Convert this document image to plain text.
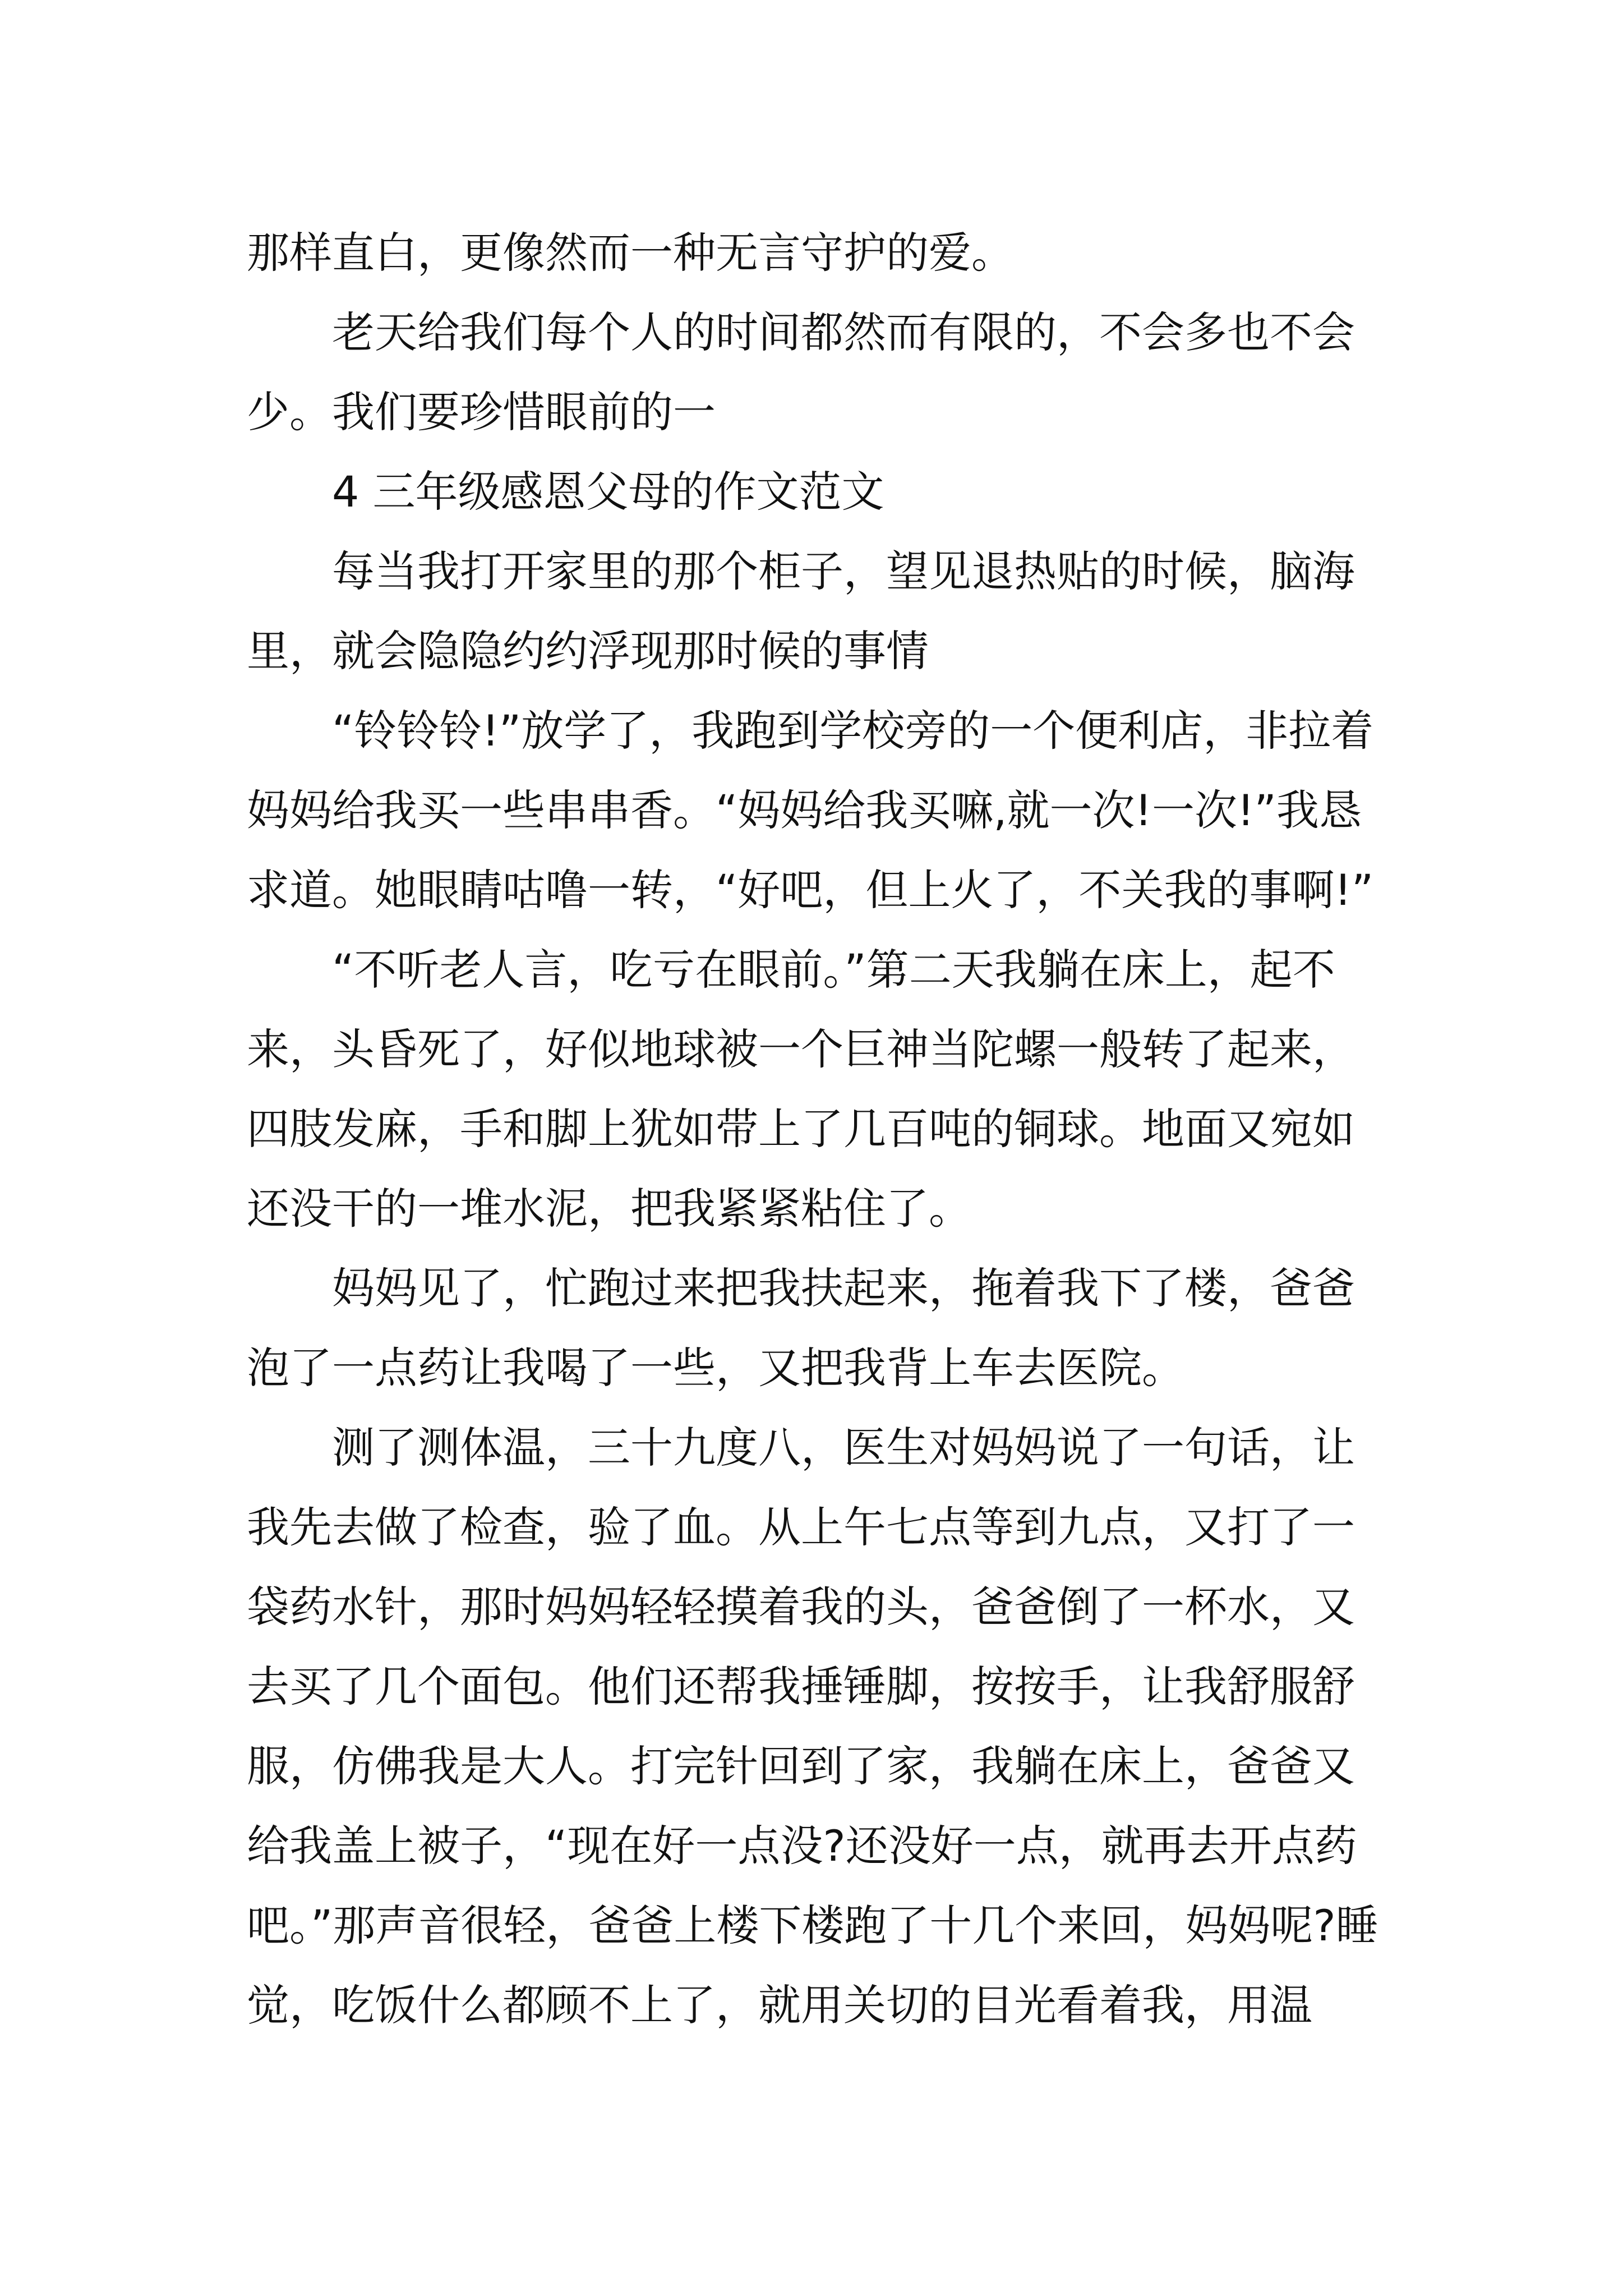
那样直白，更像然而一种无言守护的爱。

老天给我们每个人的时间都然而有限的，不会多也不会少。我们要珍惜眼前的一

4 三年级感恩父母的作文范文

每当我打开家里的那个柜子，望见退热贴的时候，脑海里，就会隐隐约约浮现那时候的事情

“铃铃铃!”放学了，我跑到学校旁的一个便利店，非拉着妈妈给我买一些串串香。“妈妈给我买嘛,就一次!一次!”我恳求道。她眼睛咕噜一转，“好吧，但上火了，不关我的事啊!”

“不听老人言，吃亏在眼前。”第二天我躺在床上，起不来，头昏死了，好似地球被一个巨神当陀螺一般转了起来，四肢发麻，手和脚上犹如带上了几百吨的铜球。地面又宛如还没干的一堆水泥，把我紧紧粘住了。

妈妈见了，忙跑过来把我扶起来，拖着我下了楼，爸爸泡了一点药让我喝了一些，又把我背上车去医院。

测了测体温，三十九度八，医生对妈妈说了一句话，让我先去做了检查，验了血。从上午七点等到九点，又打了一袋药水针，那时妈妈轻轻摸着我的头，爸爸倒了一杯水，又去买了几个面包。他们还帮我捶锤脚，按按手，让我舒服舒服，仿佛我是大人。打完针回到了家，我躺在床上，爸爸又给我盖上被子，“现在好一点没?还没好一点，就再去开点药吧。”那声音很轻，爸爸上楼下楼跑了十几个来回，妈妈呢?睡觉，吃饭什么都顾不上了，就用关切的目光看着我，用温
